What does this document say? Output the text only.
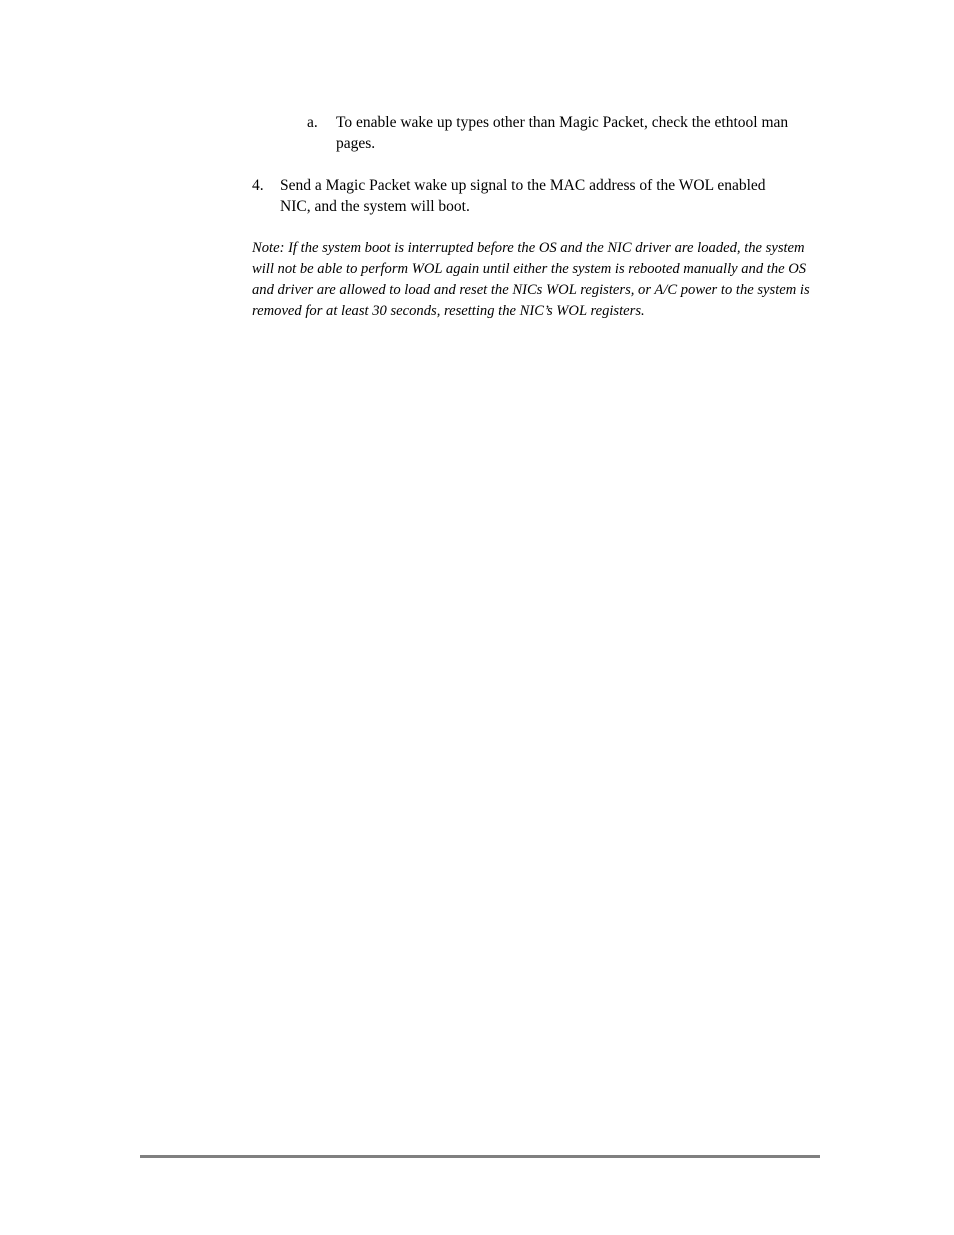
a. To enable wake up types other than Magic Packet, check the ethtool man pages.
4. Send a Magic Packet wake up signal to the MAC address of the WOL enabled NIC, and the system will boot.
Note: If the system boot is interrupted before the OS and the NIC driver are loaded, the system will not be able to perform WOL again until either the system is rebooted manually and the OS and driver are allowed to load and reset the NICs WOL registers, or A/C power to the system is removed for at least 30 seconds, resetting the NIC’s WOL registers.
